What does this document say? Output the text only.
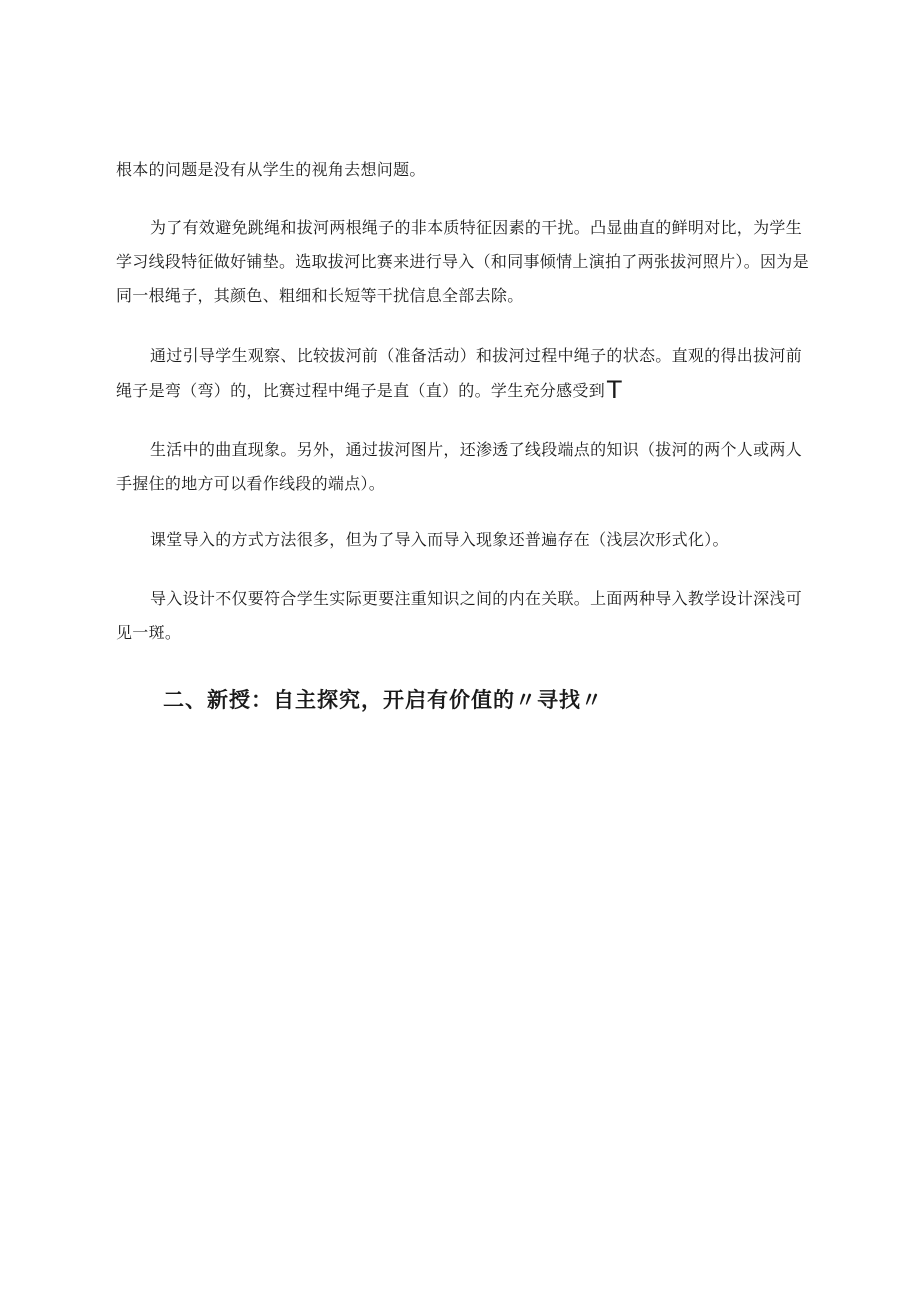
根本的问题是没有从学生的视角去想问题。

为了有效避免跳绳和拔河两根绳子的非本质特征因素的干扰。凸显曲直的鲜明对比，为学生学习线段特征做好铺垫。选取拔河比赛来进行导入（和同事倾情上演拍了两张拔河照片）。因为是同一根绳子，其颜色、粗细和长短等干扰信息全部去除。

通过引导学生观察、比较拔河前（准备活动）和拔河过程中绳子的状态。直观的得出拔河前绳子是弯（弯）的，比赛过程中绳子是直（直）的。学生充分感受到T

生活中的曲直现象。另外，通过拔河图片，还渗透了线段端点的知识（拔河的两个人或两人手握住的地方可以看作线段的端点）。

课堂导入的方式方法很多，但为了导入而导入现象还普遍存在（浅层次形式化）。

导入设计不仅要符合学生实际更要注重知识之间的内在关联。上面两种导入教学设计深浅可见一斑。

二、新授：自主探究，开启有价值的〃寻找〃
